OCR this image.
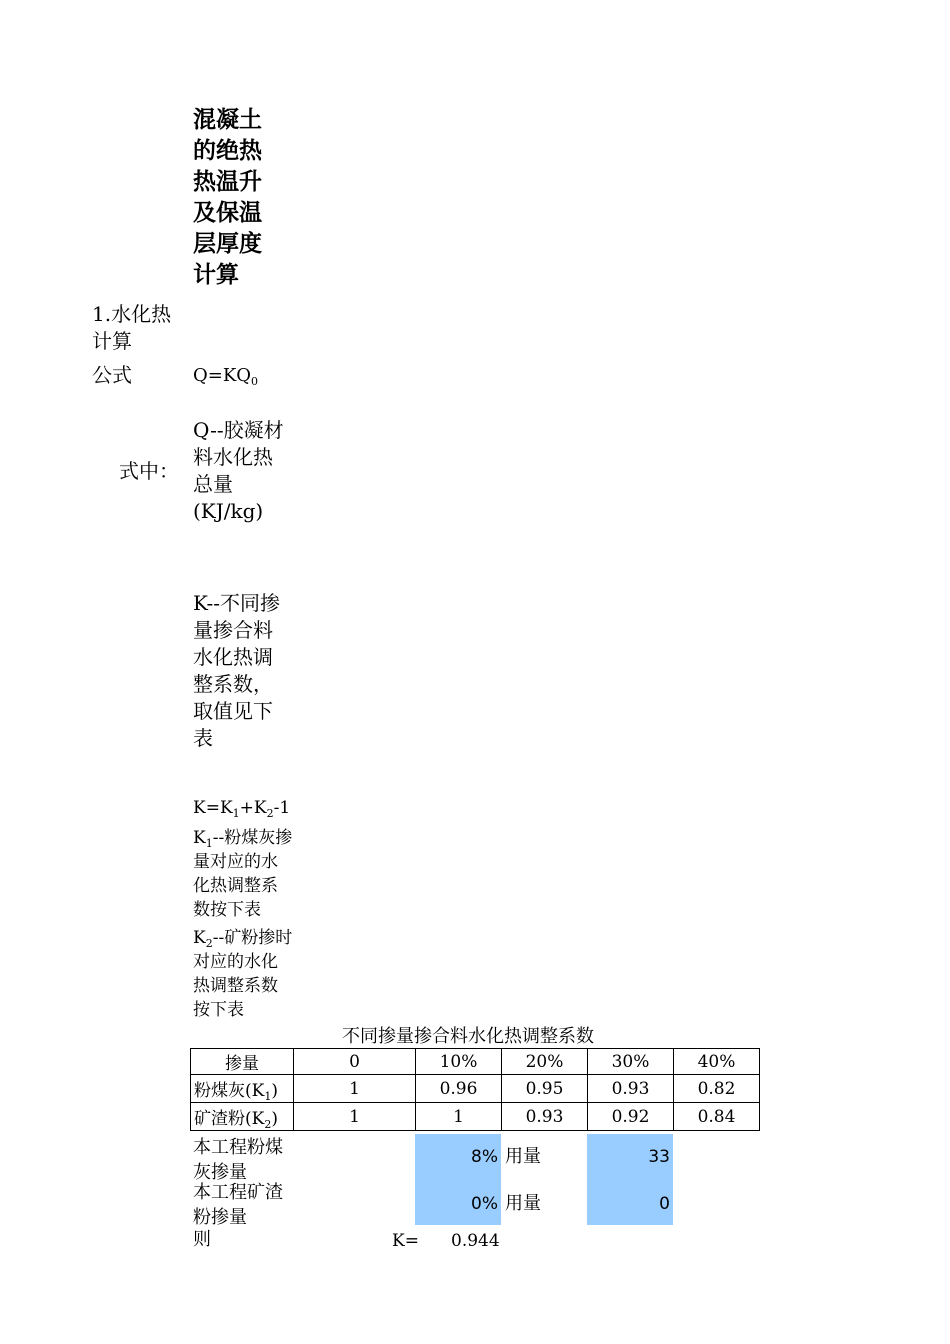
混凝土的绝热热温升及保温层厚度计算
1.水化热计算
公式	$Q=KQ_0$
式中：
Q--胶凝材料水化热总量(KJ/kg)
K--不同掺量掺合料水化热调整系数，取值见下表
$K=K_1+K_2-1$
$K_1--$粉煤灰掺量对应的水化热调整系数按下表
$K_2--$矿粉掺时对应的水化热调整系数按下表
不同掺量掺合料水化热调整系数
掺量	0	10%	20%	30%	40%
粉煤灰$(K_1)$	1	0.96	0.95	0.93	0.82
矿渣粉$(K_2)$	1	1	0.93	0.92	0.84
本工程粉煤灰掺量
8% 用量	33
本工程矿渣粉掺量
0% 用量	0
则	K= 0.944
